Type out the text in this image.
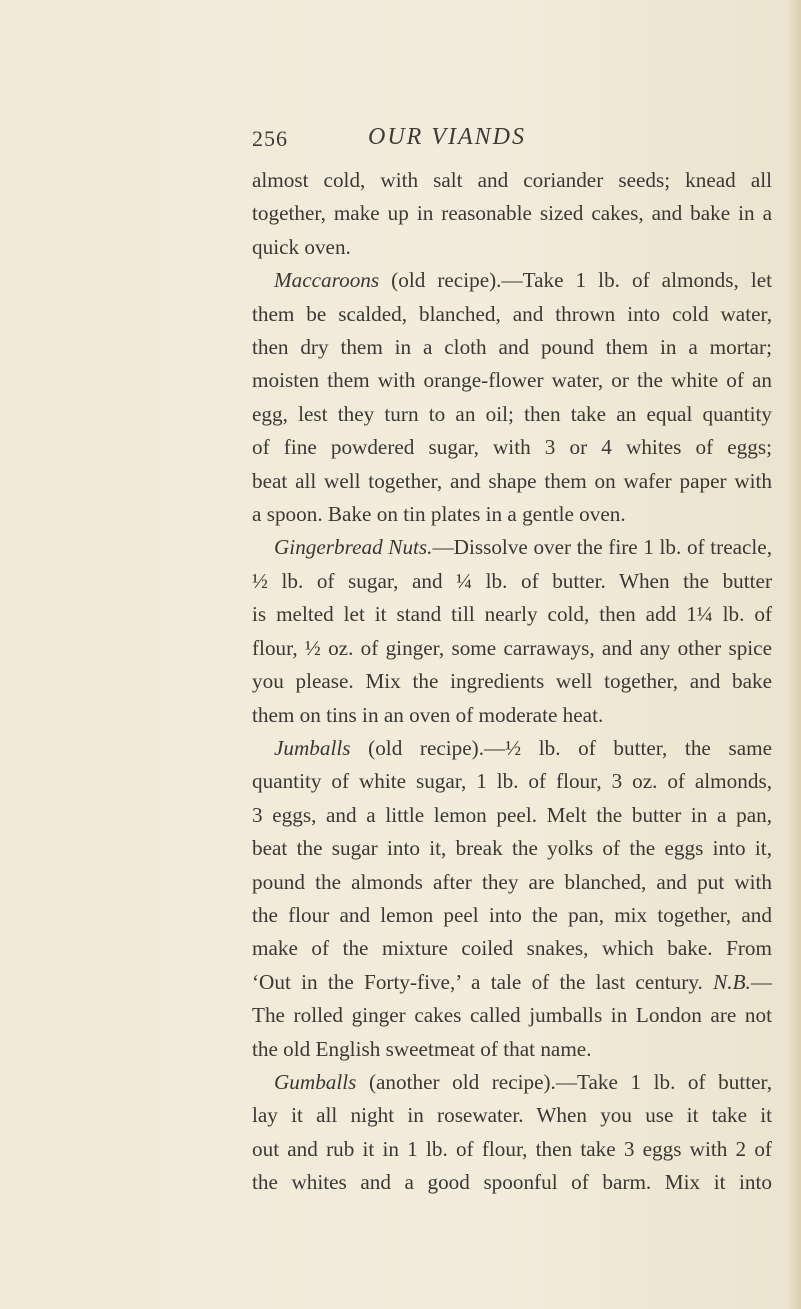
256	OUR VIANDS
almost cold, with salt and coriander seeds; knead all
together, make up in reasonable sized cakes, and bake in a
quick oven.
Maccaroons (old recipe).—Take 1 lb. of almonds, let
them be scalded, blanched, and thrown into cold water,
then dry them in a cloth and pound them in a mortar;
moisten them with orange-flower water, or the white of an
egg, lest they turn to an oil; then take an equal quantity
of fine powdered sugar, with 3 or 4 whites of eggs;
beat all well together, and shape them on wafer paper with
a spoon. Bake on tin plates in a gentle oven.
Gingerbread Nuts.—Dissolve over the fire 1 lb. of treacle,
½ lb. of sugar, and ¼ lb. of butter. When the butter
is melted let it stand till nearly cold, then add 1¼ lb. of
flour, ½ oz. of ginger, some carraways, and any other spice
you please. Mix the ingredients well together, and bake
them on tins in an oven of moderate heat.
Jumballs (old recipe).—½ lb. of butter, the same
quantity of white sugar, 1 lb. of flour, 3 oz. of almonds,
3 eggs, and a little lemon peel. Melt the butter in a pan,
beat the sugar into it, break the yolks of the eggs into it,
pound the almonds after they are blanched, and put with
the flour and lemon peel into the pan, mix together, and
make of the mixture coiled snakes, which bake. From
‘Out in the Forty-five,’ a tale of the last century. N.B.—
The rolled ginger cakes called jumballs in London are not
the old English sweetmeat of that name.
Gumballs (another old recipe).—Take 1 lb. of butter,
lay it all night in rosewater. When you use it take it
out and rub it in 1 lb. of flour, then take 3 eggs with 2 of
the whites and a good spoonful of barm. Mix it into
